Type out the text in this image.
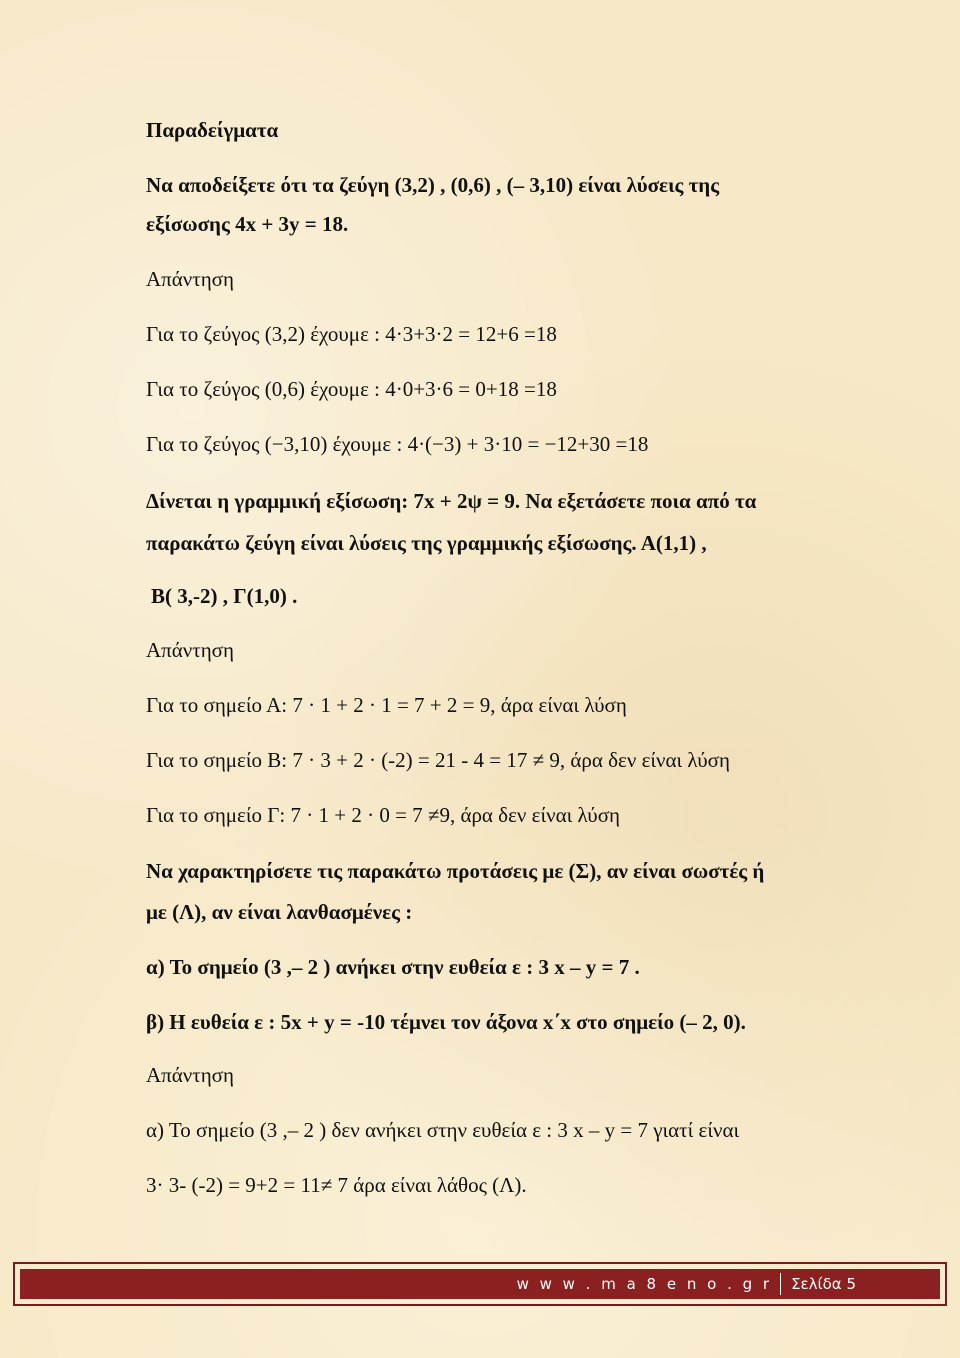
Παραδείγματα
Να αποδείξετε ότι τα ζεύγη (3,2) , (0,6) , (– 3,10) είναι λύσεις της
εξίσωσης 4x + 3y = 18.
Απάντηση
Για το ζεύγος (3,2) έχουμε : 4·3+3·2 = 12+6 =18
Για το ζεύγος (0,6) έχουμε : 4·0+3·6 = 0+18 =18
Για το ζεύγος (−3,10) έχουμε : 4·(−3) + 3·10 = −12+30 =18
Δίνεται η γραμμική εξίσωση: 7x + 2ψ = 9. Να εξετάσετε ποια από τα
παρακάτω ζεύγη είναι λύσεις της γραμμικής εξίσωσης. Α(1,1) ,
Β( 3,-2) , Γ(1,0) .
Απάντηση
Για το σημείο Α: 7 · 1 + 2 · 1 = 7 + 2 = 9, άρα είναι λύση
Για το σημείο Β: 7 · 3 + 2 · (-2) = 21 - 4 = 17 ≠ 9, άρα δεν είναι λύση
Για το σημείο Γ: 7 · 1 + 2 · 0 = 7 ≠9, άρα δεν είναι λύση
Να χαρακτηρίσετε τις παρακάτω προτάσεις με (Σ), αν είναι σωστές ή
με (Λ), αν είναι λανθασμένες :
α) Το σημείο (3 ,– 2 ) ανήκει στην ευθεία ε : 3 x – y = 7 .
β) Η ευθεία ε : 5x + y = -10 τέμνει τον άξονα x΄x στο σημείο (– 2, 0).
Απάντηση
α) Το σημείο (3 ,– 2 ) δεν ανήκει στην ευθεία ε : 3 x – y = 7 γιατί είναι
3· 3- (-2) = 9+2 = 11≠ 7 άρα είναι λάθος (Λ).
w w w . m a 8 e n o . g r Σελίδα 5
